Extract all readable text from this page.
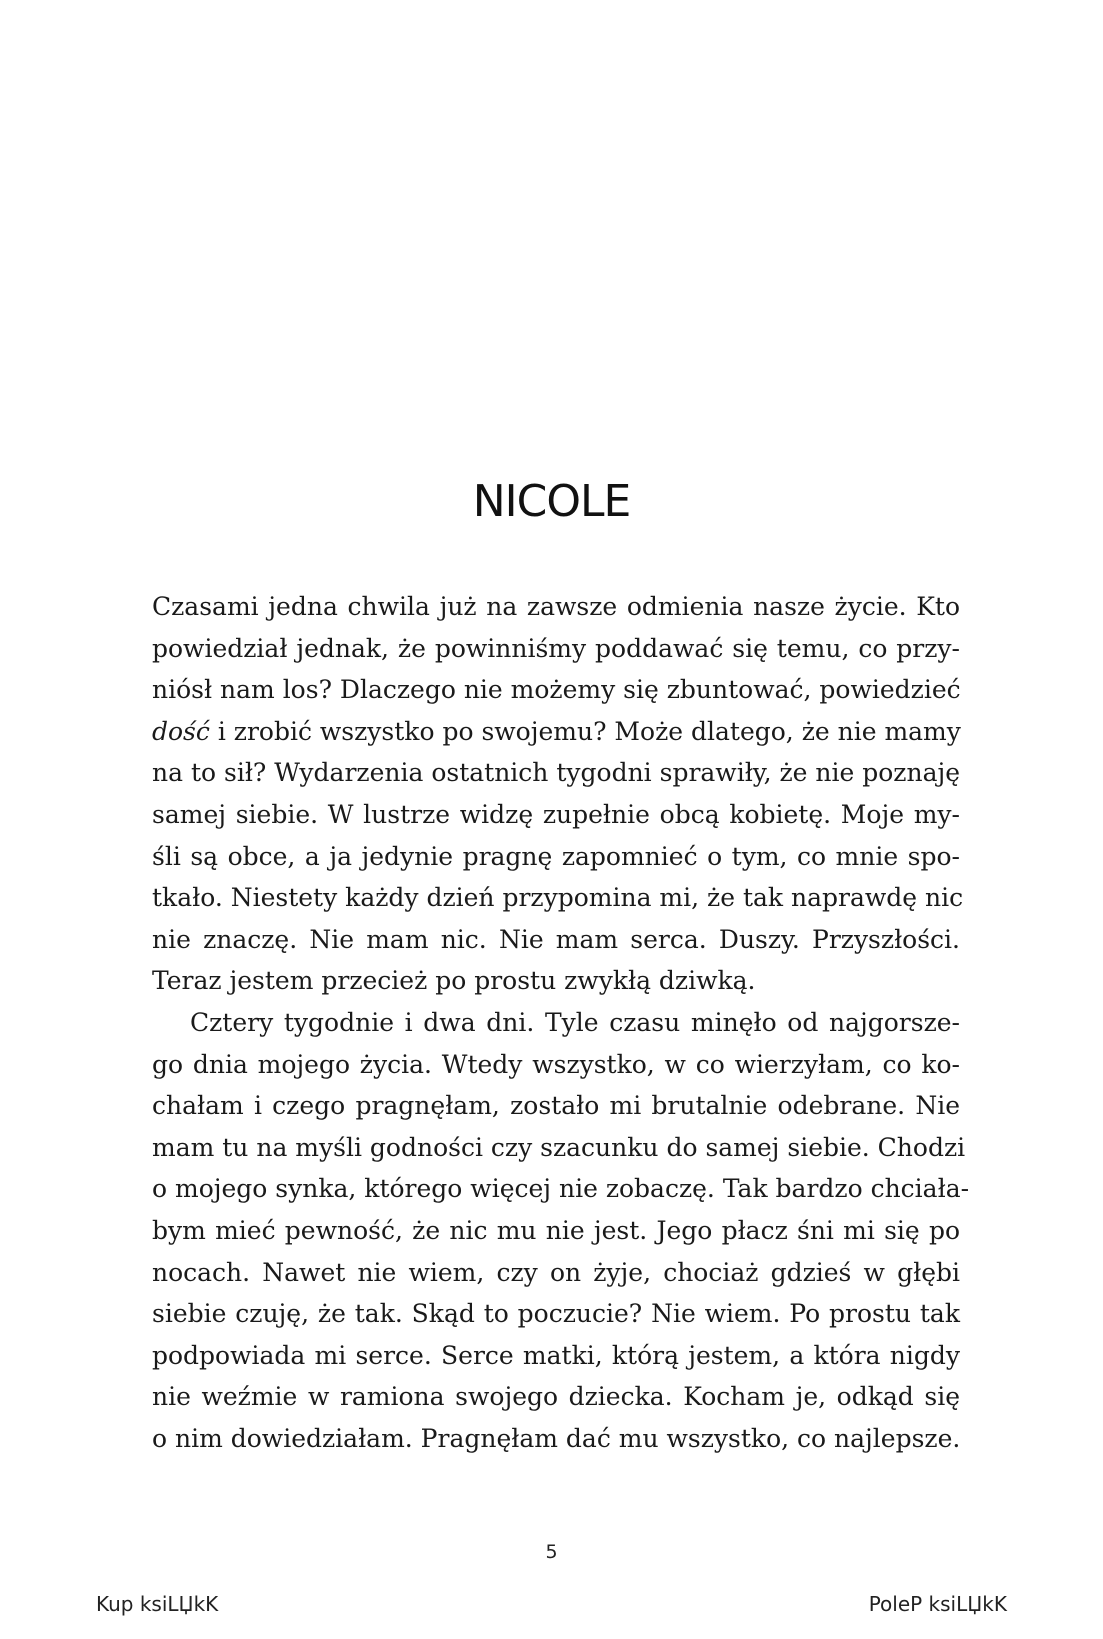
NICOLE
Czasami jedna chwila już na zawsze odmienia nasze życie. Kto
powiedział jednak, że powinniśmy poddawać się temu, co przy-
niósł nam los? Dlaczego nie możemy się zbuntować, powiedzieć
dość i zrobić wszystko po swojemu? Może dlatego, że nie mamy
na to sił? Wydarzenia ostatnich tygodni sprawiły, że nie poznaję
samej siebie. W lustrze widzę zupełnie obcą kobietę. Moje my-
śli są obce, a ja jedynie pragnę zapomnieć o tym, co mnie spo-
tkało. Niestety każdy dzień przypomina mi, że tak naprawdę nic
nie znaczę. Nie mam nic. Nie mam serca. Duszy. Przyszłości.
Teraz jestem przecież po prostu zwykłą dziwką.
Cztery tygodnie i dwa dni. Tyle czasu minęło od najgorsze-
go dnia mojego życia. Wtedy wszystko, w co wierzyłam, co ko-
chałam i czego pragnęłam, zostało mi brutalnie odebrane. Nie
mam tu na myśli godności czy szacunku do samej siebie. Chodzi
o mojego synka, którego więcej nie zobaczę. Tak bardzo chciała-
bym mieć pewność, że nic mu nie jest. Jego płacz śni mi się po
nocach. Nawet nie wiem, czy on żyje, chociaż gdzieś w głębi
siebie czuję, że tak. Skąd to poczucie? Nie wiem. Po prostu tak
podpowiada mi serce. Serce matki, którą jestem, a która nigdy
nie weźmie w ramiona swojego dziecka. Kocham je, odkąd się
o nim dowiedziałam. Pragnęłam dać mu wszystko, co najlepsze.
5
Kup ksiLЏkK	PoleP ksiLЏkK
